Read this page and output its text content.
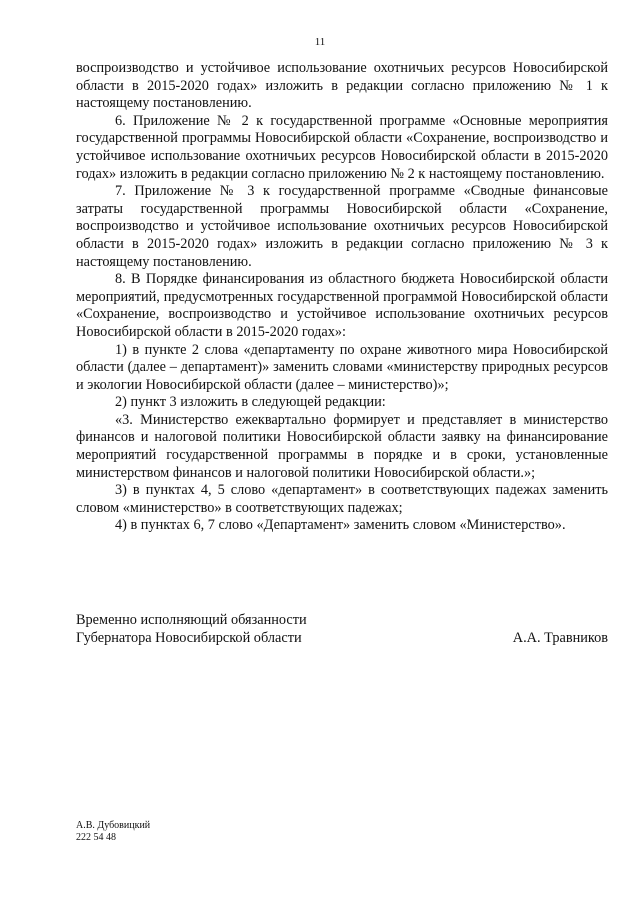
11

воспроизводство и устойчивое использование охотничьих ресурсов Новосибирской области в 2015-2020 годах» изложить в редакции согласно приложению № 1 к настоящему постановлению.

6. Приложение № 2 к государственной программе «Основные мероприятия государственной программы Новосибирской области «Сохранение, воспроизводство и устойчивое использование охотничьих ресурсов Новосибирской области в 2015-2020 годах» изложить в редакции согласно приложению № 2 к настоящему постановлению.

7. Приложение № 3 к государственной программе «Сводные финансовые затраты государственной программы Новосибирской области «Сохранение, воспроизводство и устойчивое использование охотничьих ресурсов Новосибирской области в 2015-2020 годах» изложить в редакции согласно приложению № 3 к настоящему постановлению.

8. В Порядке финансирования из областного бюджета Новосибирской области мероприятий, предусмотренных государственной программой Новосибирской области «Сохранение, воспроизводство и устойчивое использование охотничьих ресурсов Новосибирской области в 2015-2020 годах»:

1) в пункте 2 слова «департаменту по охране животного мира Новосибирской области (далее – департамент)» заменить словами «министерству природных ресурсов и экологии Новосибирской области (далее – министерство)»;

2) пункт 3 изложить в следующей редакции:

«3. Министерство ежеквартально формирует и представляет в министерство финансов и налоговой политики Новосибирской области заявку на финансирование мероприятий государственной программы в порядке и в сроки, установленные министерством финансов и налоговой политики Новосибирской области.»;

3) в пунктах 4, 5 слово «департамент» в соответствующих падежах заменить словом «министерство» в соответствующих падежах;

4) в пунктах 6, 7 слово «Департамент» заменить словом «Министерство».

Временно исполняющий обязанности
Губернатора Новосибирской области	А.А. Травников
А.В. Дубовицкий
222 54 48
